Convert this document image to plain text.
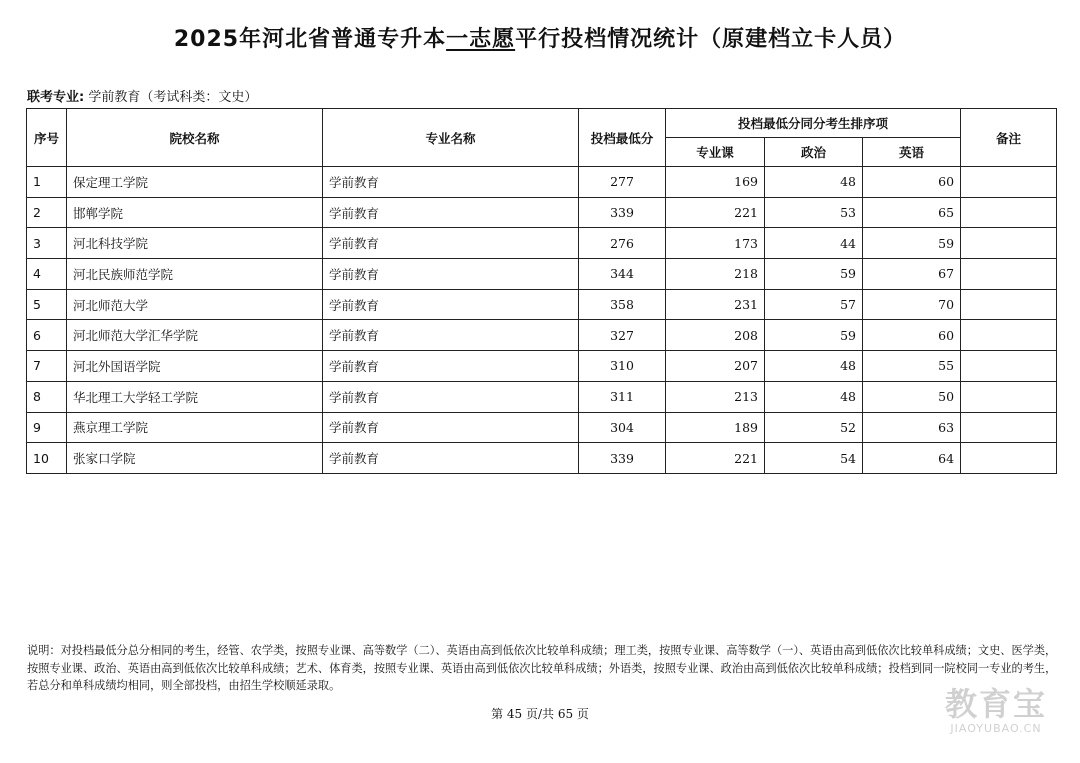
2025年河北省普通专升本一志愿平行投档情况统计（原建档立卡人员）
联考专业: 学前教育（考试科类：文史）
序号	院校名称	专业名称	投档最低分	投档最低分同分考生排序项			备注
				专业课	政治	英语	
1	保定理工学院	学前教育	277	169	48	60	
2	邯郸学院	学前教育	339	221	53	65	
3	河北科技学院	学前教育	276	173	44	59	
4	河北民族师范学院	学前教育	344	218	59	67	
5	河北师范大学	学前教育	358	231	57	70	
6	河北师范大学汇华学院	学前教育	327	208	59	60	
7	河北外国语学院	学前教育	310	207	48	55	
8	华北理工大学轻工学院	学前教育	311	213	48	50	
9	燕京理工学院	学前教育	304	189	52	63	
10	张家口学院	学前教育	339	221	54	64	
说明：对投档最低分总分相同的考生，经管、农学类，按照专业课、高等数学（二）、英语由高到低依次比较单科成绩；理工类，按照专业课、高等数学（一）、英语由高到低依次比较单科成绩；文史、医学类，按照专业课、政治、英语由高到低依次比较单科成绩；艺术、体育类，按照专业课、英语由高到低依次比较单科成绩；外语类，按照专业课、政治由高到低依次比较单科成绩；投档到同一院校同一专业的考生，若总分和单科成绩均相同，则全部投档，由招生学校顺延录取。
第 45 页/共 65 页	教育宝
JIAOYUBAO.CN
